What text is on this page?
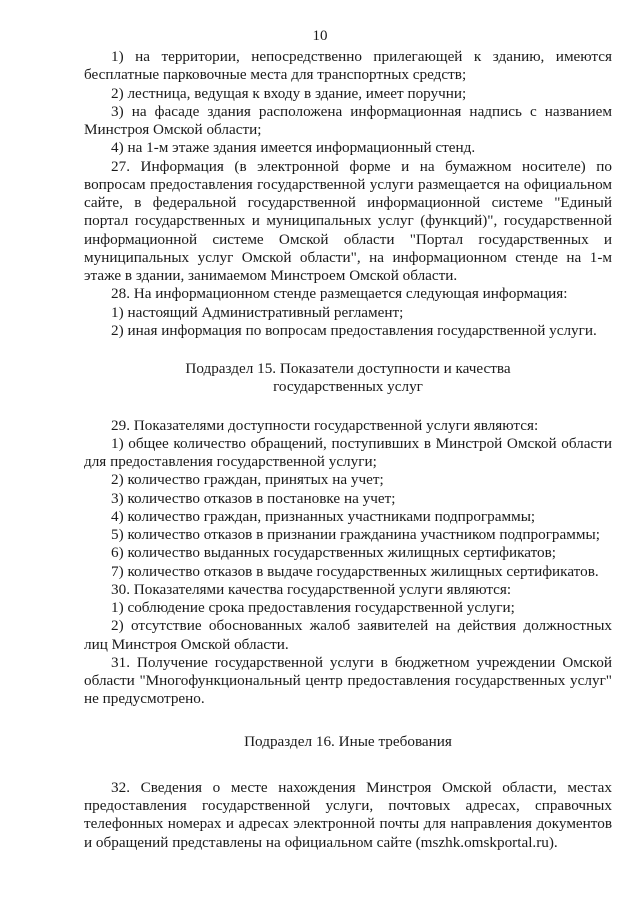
10

1) на территории, непосредственно прилегающей к зданию, имеются бесплатные парковочные места для транспортных средств;

2) лестница, ведущая к входу в здание, имеет поручни;

3) на фасаде здания расположена информационная надпись с названием Минстроя Омской области;

4) на 1-м этаже здания имеется информационный стенд.

27. Информация (в электронной форме и на бумажном носителе) по вопросам предоставления государственной услуги размещается на официальном сайте, в федеральной государственной информационной системе "Единый портал государственных и муниципальных услуг (функций)", государственной информационной системе Омской области "Портал государственных и муниципальных услуг Омской области", на информационном стенде на 1-м этаже в здании, занимаемом Минстроем Омской области.

28. На информационном стенде размещается следующая информация:

1) настоящий Административный регламент;

2) иная информация по вопросам предоставления государственной услуги.

Подраздел 15. Показатели доступности и качества

государственных услуг

29. Показателями доступности государственной услуги являются:

1) общее количество обращений, поступивших в Минстрой Омской области для предоставления государственной услуги;

2) количество граждан, принятых на учет;

3) количество отказов в постановке на учет;

4) количество граждан, признанных участниками подпрограммы;

5) количество отказов в признании гражданина участником подпрограммы;

6) количество выданных государственных жилищных сертификатов;

7) количество отказов в выдаче государственных жилищных сертификатов.

30. Показателями качества государственной услуги являются:

1) соблюдение срока предоставления государственной услуги;

2) отсутствие обоснованных жалоб заявителей на действия должностных лиц Минстроя Омской области.

31. Получение государственной услуги в бюджетном учреждении Омской области "Многофункциональный центр предоставления государственных услуг" не предусмотрено.

Подраздел 16. Иные требования

32. Сведения о месте нахождения Минстроя Омской области, местах предоставления государственной услуги, почтовых адресах, справочных телефонных номерах и адресах электронной почты для направления документов и обращений представлены на официальном сайте (mszhk.omskportal.ru).
